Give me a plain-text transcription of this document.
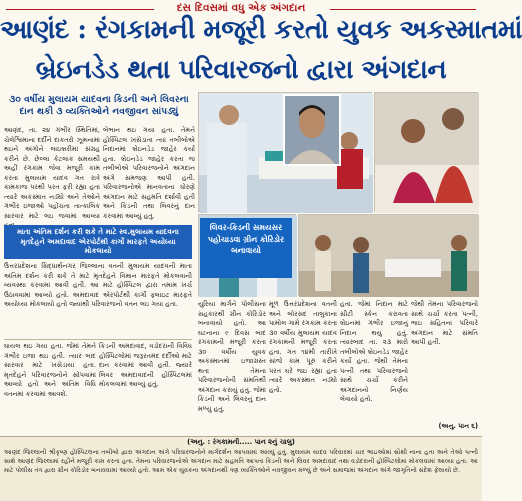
દસ દિવસમાં વધુ એક અંગદાન
આણંદ : રંગકામની મજૂરી કરતો યુવક અકસ્માતમાં
બ્રેઇનડેડ થતા પરિવારજનો દ્વારા અંગદાન
૩૦ વર્ષીય મુલાયમ યાદવના કિડની અને લિવરના દાન થકી ૩ વ્યક્તિઓને નવજીવન સાંપડ્યું
આણંદ, તા. ૨૪ ગંભીર સ્થિતિમાં, ચેલેશ્વિમાના દર્દીને દાકતરો ઝૂમનામાં થઇને અંગોને લાઇબ્રરીમાં સંગ્રહ કરીને છે. છેલ્લા કેટલાક સમયથી અહીં રંગકામ જેવા મજૂરી કામ કરતા મુલાયમ યાદવ ગત રાત્રે કામકાજ પરથી પરત ફરી રહ્યા હતા ત્યારે અકસ્માત નડ્યો અને તેઓને ગંભીર ઇજાઓ પહોંચતા તાત્કાલિક સારવાર માટે લઇ જવામાં આવ્યા
બેભાન થઇ ગયા હતા. તેમને હોસ્પિટલ ખસેડાતા ત્યાં તબીબોએ નિદાનમાં બ્રેઇનડેડ જાહેર કર્યા હતા. બ્રેઇનડેડ જાહેર કરતા જ તબીબોએ પરિવારજનોને અંગદાન અંગે સમજણ આપી હતી. પરિવારજનોએ માનવતાના ધોરણે અંગદાન માટે સહમતિ દર્શાવી હતી અને કિડની તથા લિવરનું દાન કરવામાં આવ્યું હતું.
માતા અંતિમ દર્શન કરી શકે તે માટે સ્વ.મુલાયમ યાદવના મૃતદેહને અમદાવાદ એરપોર્ટથી કાર્ગો મારફતે અયોધ્યા મોકલાયો
ઉત્તરપ્રદેશના સિદ્ધાર્થનગર જિલ્લાના વતની મુલાયમ યાદવની માતા અંતિમ દર્શન કરી શકે તે માટે મૃતદેહને વિમાન મારફતે મોકલવાની વ્યવસ્થા કરવામાં આવી હતી. આ માટે હોસ્પિટલ દ્વારા તમામ ખર્ચ ઉઠાવવામાં આવ્યો હતો. અમદાવાદ એરપોર્ટથી કાર્ગો ફ્લાઇટ મારફતે અયોધ્યા મોકલાયો હતો જ્યાંથી પરિવારજનો વતન લઇ ગયા હતા.
ઘાયલ થઇ ગયા હતા. જેમાં તેમને ગંભીર ઇજા થઇ હતી. ત્યાર બાદ સારવાર માટે ખસેડાયા હતા. મૃતદેહને પરિવારજનોને સોંપવામાં આવ્યો હતો અને અંતિમ વિધિ વતનમાં કરવામાં આવશે.
કિડની અમદાવાદ, વડોદરાની વિવિધ હોસ્પિટલોમાં જરૂરતમંદ દર્દીઓ માટે દાન કરવામાં આવી હતી. જ્યારે લિવર અમદાવાદની હોસ્પિટલમાં મોકલવામાં આવ્યું હતું.
લિવર-કિડની સમયસર પહોંચાડવા ગ્રીન કોરિડોર બનાવાયો
યુરિયા માર્ગને પોલીસના સહકારથી ગ્રીન કોરિડોર બનાવાયો હતો. આ ઘટનાના ૯ દિવસ બાદ રંગકામની મજૂરી કરતા ૩૦ વર્ષીય યુવક અકસ્માતમાં ઇજાગ્રસ્ત થતા તેમના પરિવારજનોની સંમતિથી અંગદાન કરાયું હતું. જેમાં કિડની અને લિવરનું દાન મળ્યું હતું.
મૂળ ઉત્તરપ્રદેશના વતની અને બોરસદ તાલુકાના પામોલ ગામે રંગકામ કરતા ૩૦ વર્ષીય મુલાયમ યાદવ રંગકામની મજૂરી કરતા હતા. ગત ૧૪મી તારીખે સાંજે કામ પૂરું કરીને પરત ઘરે જઇ રહ્યા હતા ત્યારે અકસ્માત નડ્યો હતો.
હતા. જેમાં નિદાન માટે સીટી સ્કેન કરાવતા બ્રેઇનમાં ગંભીર ઇજાનું નિદાન થયું હતું. ત્યારબાદ તા. ૨૩ મારો તબીબોએ બ્રેઇનડેડ જાહેર કર્યા હતા. જેથી તેમના પત્ની તથા પરિવારજનો સાથે ચર્ચા કરીને અંગદાનનો નિર્ણય લેવાયો હતો.
જેથી તેમના પરિવારજનો સાથે ચર્ચા કરતા પત્ની, ભાઇ સહિતના પરિવારે અંગદાન માટે સંમતિ આપી હતી.
(અનુ. પાન ૬)
(અનુ. : રંગકામની..... પાન ૨નું ચાલુ)
આણંદ જિલ્લાની શ્રીકૃષ્ણ હોસ્પિટલના તબીબો દ્વારા અંગદાન અંગે પરિવારજનોને માર્ગદર્શન આપવામાં આવ્યું હતું. મુલાયમ યાદવ પરિવારમાં ચાર ભાઇઓમાં સૌથી નાના હતા અને તેઓ પત્ની સાથે આણંદ જિલ્લામાં રહીને મજૂરી કામ કરતા હતા. તેમના પરિવારજનોએ અંગદાન માટે સહમતિ આપતા કિડની અને લિવર અમદાવાદ તથા વડોદરાની હોસ્પિટલોમાં મોકલવામાં આવ્યા હતા. આ માટે પોલીસ તંત્ર દ્વારા ગ્રીન કોરિડોર બનાવવામાં આવ્યો હતો. આમ એક યુવકના અંગદાનથી ત્રણ વ્યક્તિઓને નવજીવન મળ્યું છે અને સમાજમાં અંગદાન અંગે જાગૃતિનો સંદેશ ફેલાયો છે.
